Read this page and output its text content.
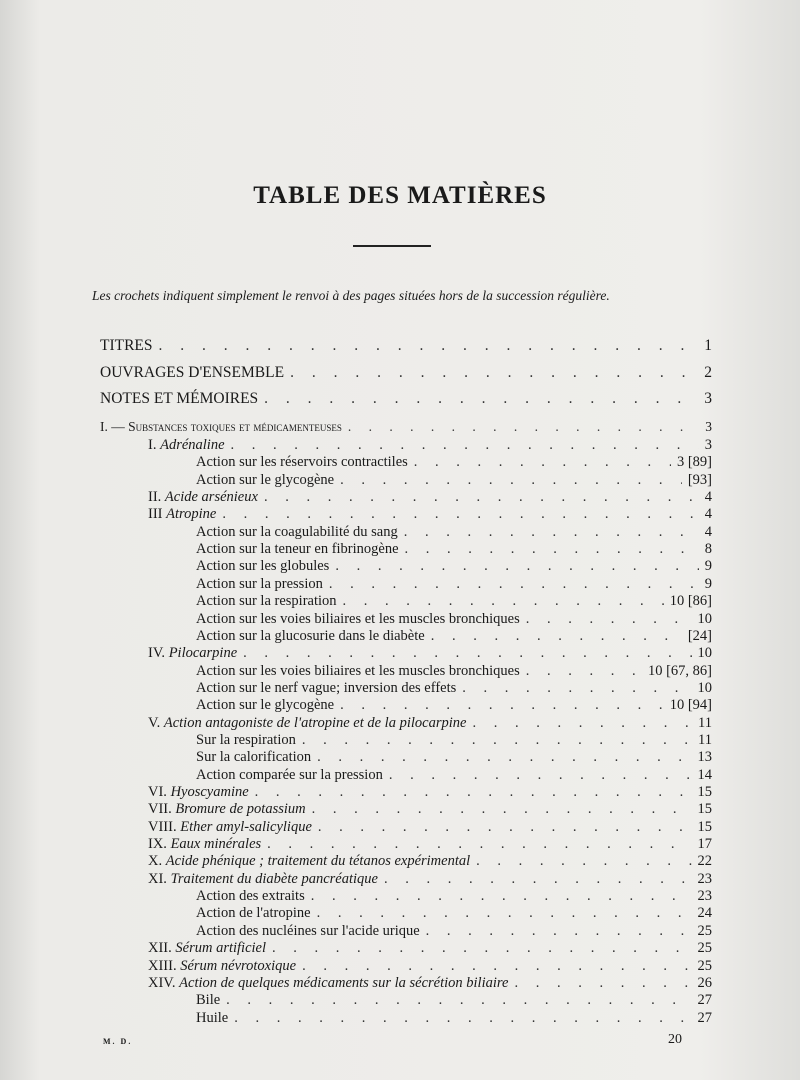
TABLE DES MATIÈRES
Les crochets indiquent simplement le renvoi à des pages situées hors de la succession régulière.
TITRES . . .	1
OUVRAGES D'ENSEMBLE . . .	2
NOTES ET MÉMOIRES . . .	3
I. — Substances toxiques et médicamenteuses . . .	3
I. Adrénaline . . .	3
Action sur les réservoirs contractiles . . .	3 [89]
Action sur le glycogène . . .	[93]
II. Acide arsénieux . . .	4
III Atropine . . .	4
Action sur la coagulabilité du sang . . .	4
Action sur la teneur en fibrinogène . . .	8
Action sur les globules . . .	9
Action sur la pression . . .	9
Action sur la respiration . . .	10 [86]
Action sur les voies biliaires et les muscles bronchiques . . .	10
Action sur la glucosurie dans le diabète . . .	[24]
IV. Pilocarpine . . .	10
Action sur les voies biliaires et les muscles bronchiques . . .	10 [67, 86]
Action sur le nerf vague; inversion des effets . . .	10
Action sur le glycogène . . .	10 [94]
V. Action antagoniste de l'atropine et de la pilocarpine . . .	11
Sur la respiration . . .	11
Sur la calorification . . .	13
Action comparée sur la pression . . .	14
VI. Hyoscyamine . . .	15
VII. Bromure de potassium . . .	15
VIII. Ether amyl-salicylique . . .	15
IX. Eaux minérales . . .	17
X. Acide phénique ; traitement du tétanos expérimental . . .	22
XI. Traitement du diabète pancréatique . . .	23
Action des extraits . . .	23
Action de l'atropine . . .	24
Action des nucléines sur l'acide urique . . .	25
XII. Sérum artificiel . . .	25
XIII. Sérum névrotoxique . . .	25
XIV. Action de quelques médicaments sur la sécrétion biliaire . . .	26
Bile . . .	27
Huile . . .	27
M. D.	20
